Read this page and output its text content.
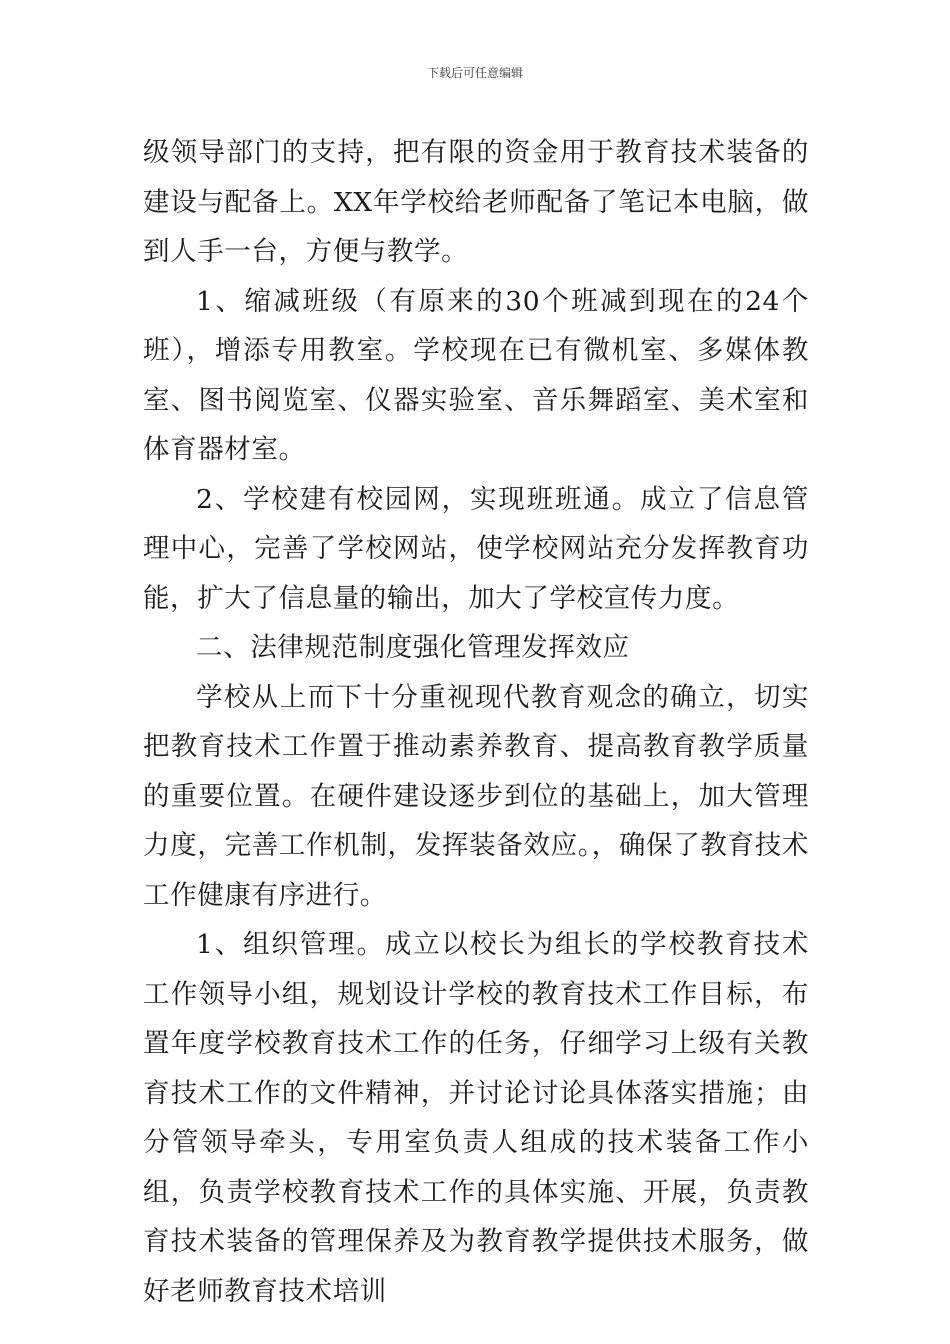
下载后可任意编辑

级领导部门的支持，把有限的资金用于教育技术装备的建设与配备上。XX年学校给老师配备了笔记本电脑，做到人手一台，方便与教学。

1、缩减班级（有原来的30个班减到现在的24个班），增添专用教室。学校现在已有微机室、多媒体教室、图书阅览室、仪器实验室、音乐舞蹈室、美术室和体育器材室。

2、学校建有校园网，实现班班通。成立了信息管理中心，完善了学校网站，使学校网站充分发挥教育功能，扩大了信息量的输出，加大了学校宣传力度。

二、法律规范制度强化管理发挥效应

学校从上而下十分重视现代教育观念的确立，切实把教育技术工作置于推动素养教育、提高教育教学质量的重要位置。在硬件建设逐步到位的基础上，加大管理力度，完善工作机制，发挥装备效应。，确保了教育技术工作健康有序进行。

1、组织管理。成立以校长为组长的学校教育技术工作领导小组，规划设计学校的教育技术工作目标，布置年度学校教育技术工作的任务，仔细学习上级有关教育技术工作的文件精神，并讨论讨论具体落实措施；由分管领导牵头，专用室负责人组成的技术装备工作小组，负责学校教育技术工作的具体实施、开展，负责教育技术装备的管理保养及为教育教学提供技术服务，做好老师教育技术培训
